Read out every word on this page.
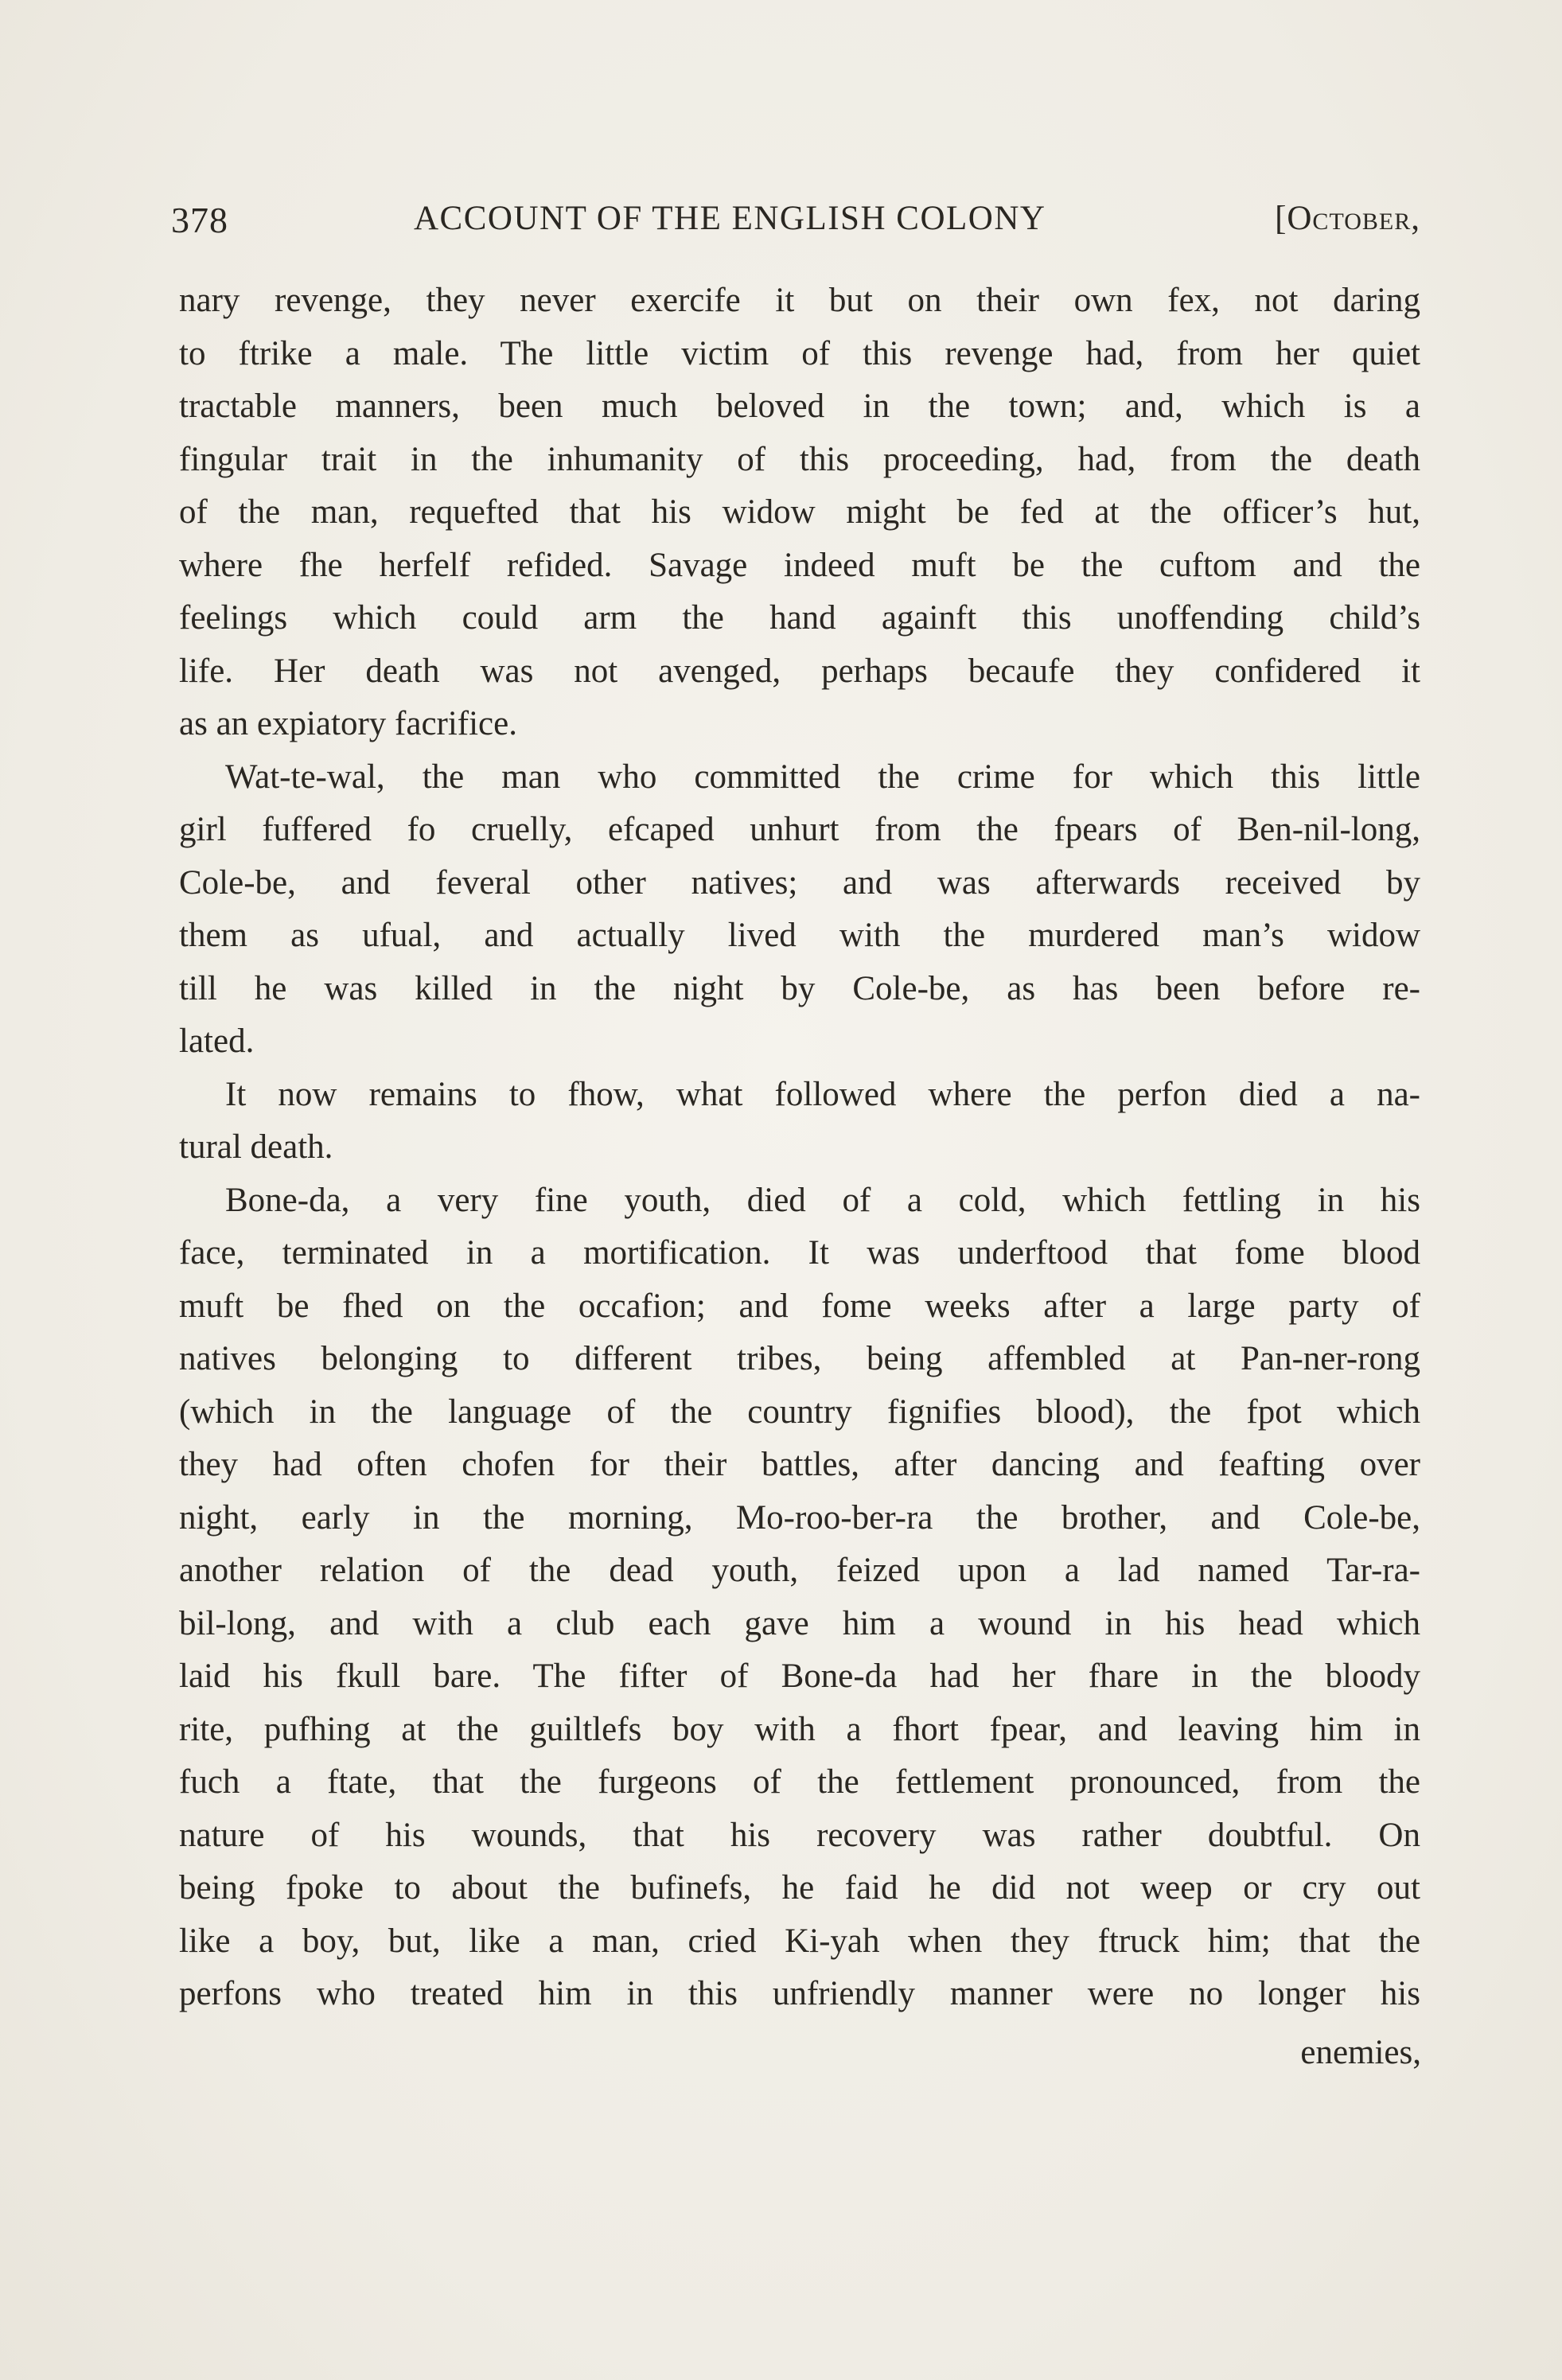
378	ACCOUNT OF THE ENGLISH COLONY	[October,
nary revenge, they never exercife it but on their own fex, not daring
to ftrike a male. The little victim of this revenge had, from her quiet
tractable manners, been much beloved in the town; and, which is a
fingular trait in the inhumanity of this proceeding, had, from the death
of the man, requefted that his widow might be fed at the officer’s hut,
where fhe herfelf refided. Savage indeed muft be the cuftom and the
feelings which could arm the hand againft this unoffending child’s
life. Her death was not avenged, perhaps becaufe they confidered it
as an expiatory facrifice.
Wat-te-wal, the man who committed the crime for which this little
girl fuffered fo cruelly, efcaped unhurt from the fpears of Ben-nil-long,
Cole-be, and feveral other natives; and was afterwards received by
them as ufual, and actually lived with the murdered man’s widow
till he was killed in the night by Cole-be, as has been before re-
lated.
It now remains to fhow, what followed where the perfon died a na-
tural death.
Bone-da, a very fine youth, died of a cold, which fettling in his
face, terminated in a mortification. It was underftood that fome blood
muft be fhed on the occafion; and fome weeks after a large party of
natives belonging to different tribes, being affembled at Pan-ner-rong
(which in the language of the country fignifies blood), the fpot which
they had often chofen for their battles, after dancing and feafting over
night, early in the morning, Mo-roo-ber-ra the brother, and Cole-be,
another relation of the dead youth, feized upon a lad named Tar-ra-
bil-long, and with a club each gave him a wound in his head which
laid his fkull bare. The fifter of Bone-da had her fhare in the bloody
rite, pufhing at the guiltlefs boy with a fhort fpear, and leaving him in
fuch a ftate, that the furgeons of the fettlement pronounced, from the
nature of his wounds, that his recovery was rather doubtful. On
being fpoke to about the bufinefs, he faid he did not weep or cry out
like a boy, but, like a man, cried Ki-yah when they ftruck him; that the
perfons who treated him in this unfriendly manner were no longer his
enemies,
